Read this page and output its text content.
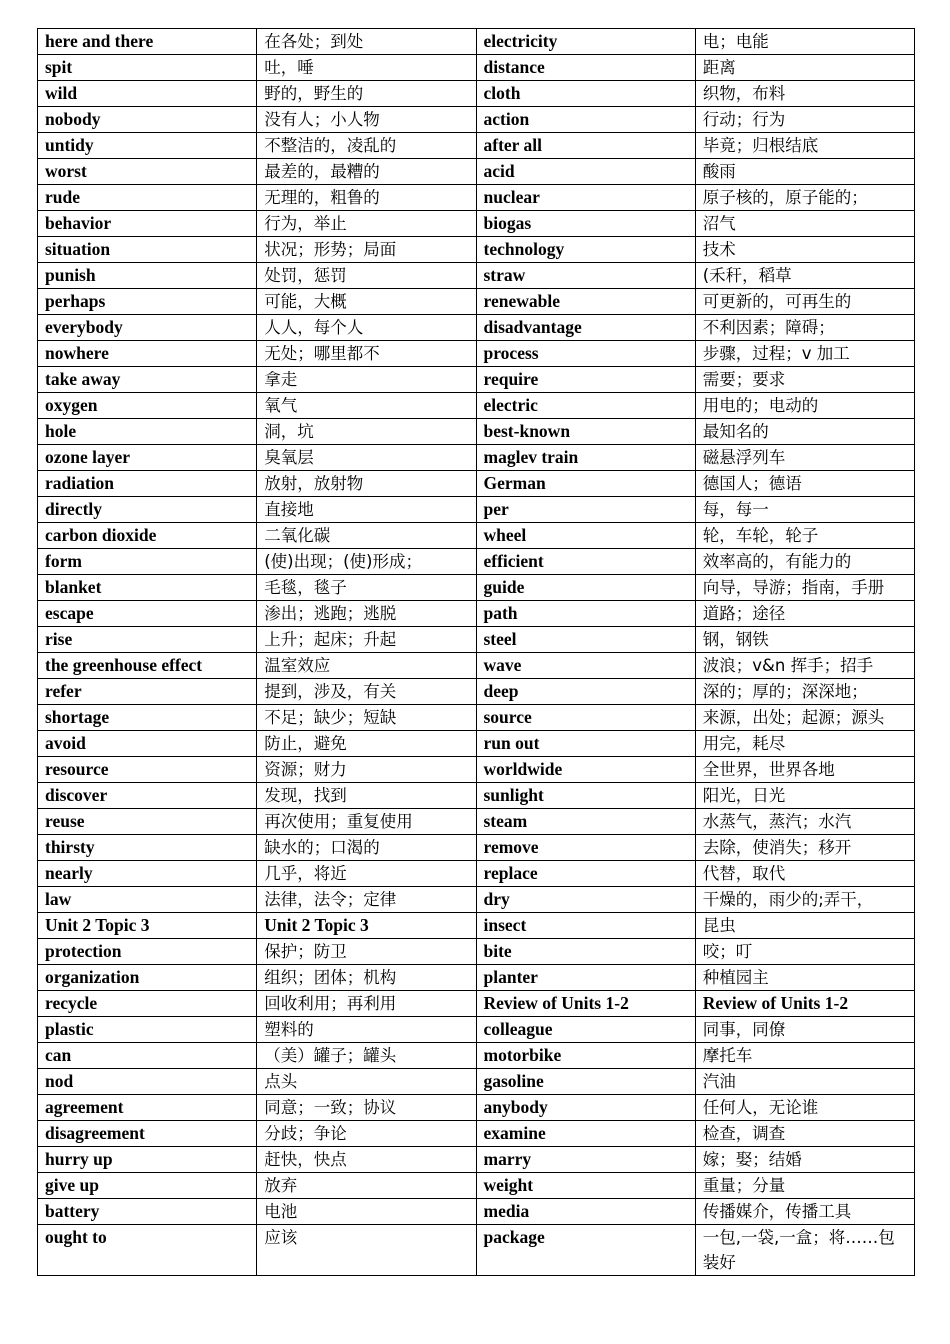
here and there	在各处；到处	electricity	电；电能
spit	吐，唾	distance	距离
wild	野的，野生的	cloth	织物，布料
nobody	没有人；小人物	action	行动；行为
untidy	不整洁的，凌乱的	after all	毕竟；归根结底
worst	最差的，最糟的	acid	酸雨
rude	无理的，粗鲁的	nuclear	原子核的，原子能的；
behavior	行为，举止	biogas	沼气
situation	状况；形势；局面	technology	技术
punish	处罚，惩罚	straw	(禾秆，稻草
perhaps	可能，大概	renewable	可更新的，可再生的
everybody	人人，每个人	disadvantage	不利因素；障碍；
nowhere	无处；哪里都不	process	步骤，过程；v 加工
take away	拿走	require	需要；要求
oxygen	氧气	electric	用电的；电动的
hole	洞，坑	best-known	最知名的
ozone layer	臭氧层	maglev train	磁悬浮列车
radiation	放射，放射物	German	德国人；德语
directly	直接地	per	每，每一
carbon dioxide	二氧化碳	wheel	轮，车轮，轮子
form	(使)出现；(使)形成；	efficient	效率高的，有能力的
blanket	毛毯，毯子	guide	向导，导游；指南，手册
escape	渗出；逃跑；逃脱	path	道路；途径
rise	上升；起床；升起	steel	钢，钢铁
the greenhouse effect	温室效应	wave	波浪；v&n 挥手；招手
refer	提到，涉及，有关	deep	深的；厚的；深深地；
shortage	不足；缺少；短缺	source	来源，出处；起源；源头
avoid	防止，避免	run out	用完，耗尽
resource	资源；财力	worldwide	全世界，世界各地
discover	发现，找到	sunlight	阳光，日光
reuse	再次使用；重复使用	steam	水蒸气，蒸汽；水汽
thirsty	缺水的；口渴的	remove	去除，使消失；移开
nearly	几乎，将近	replace	代替，取代
law	法律，法令；定律	dry	干燥的，雨少的;弄干，
Unit 2 Topic 3	Unit 2 Topic 3	insect	昆虫
protection	保护；防卫	bite	咬；叮
organization	组织；团体；机构	planter	种植园主
recycle	回收利用；再利用	Review of Units 1-2	Review of Units 1-2
plastic	塑料的	colleague	同事，同僚
can	（美）罐子；罐头	motorbike	摩托车
nod	点头	gasoline	汽油
agreement	同意；一致；协议	anybody	任何人，无论谁
disagreement	分歧；争论	examine	检查，调查
hurry up	赶快，快点	marry	嫁；娶；结婚
give up	放弃	weight	重量；分量
battery	电池	media	传播媒介，传播工具
ought to	应该	package	一包,一袋,一盒；将……包装好
